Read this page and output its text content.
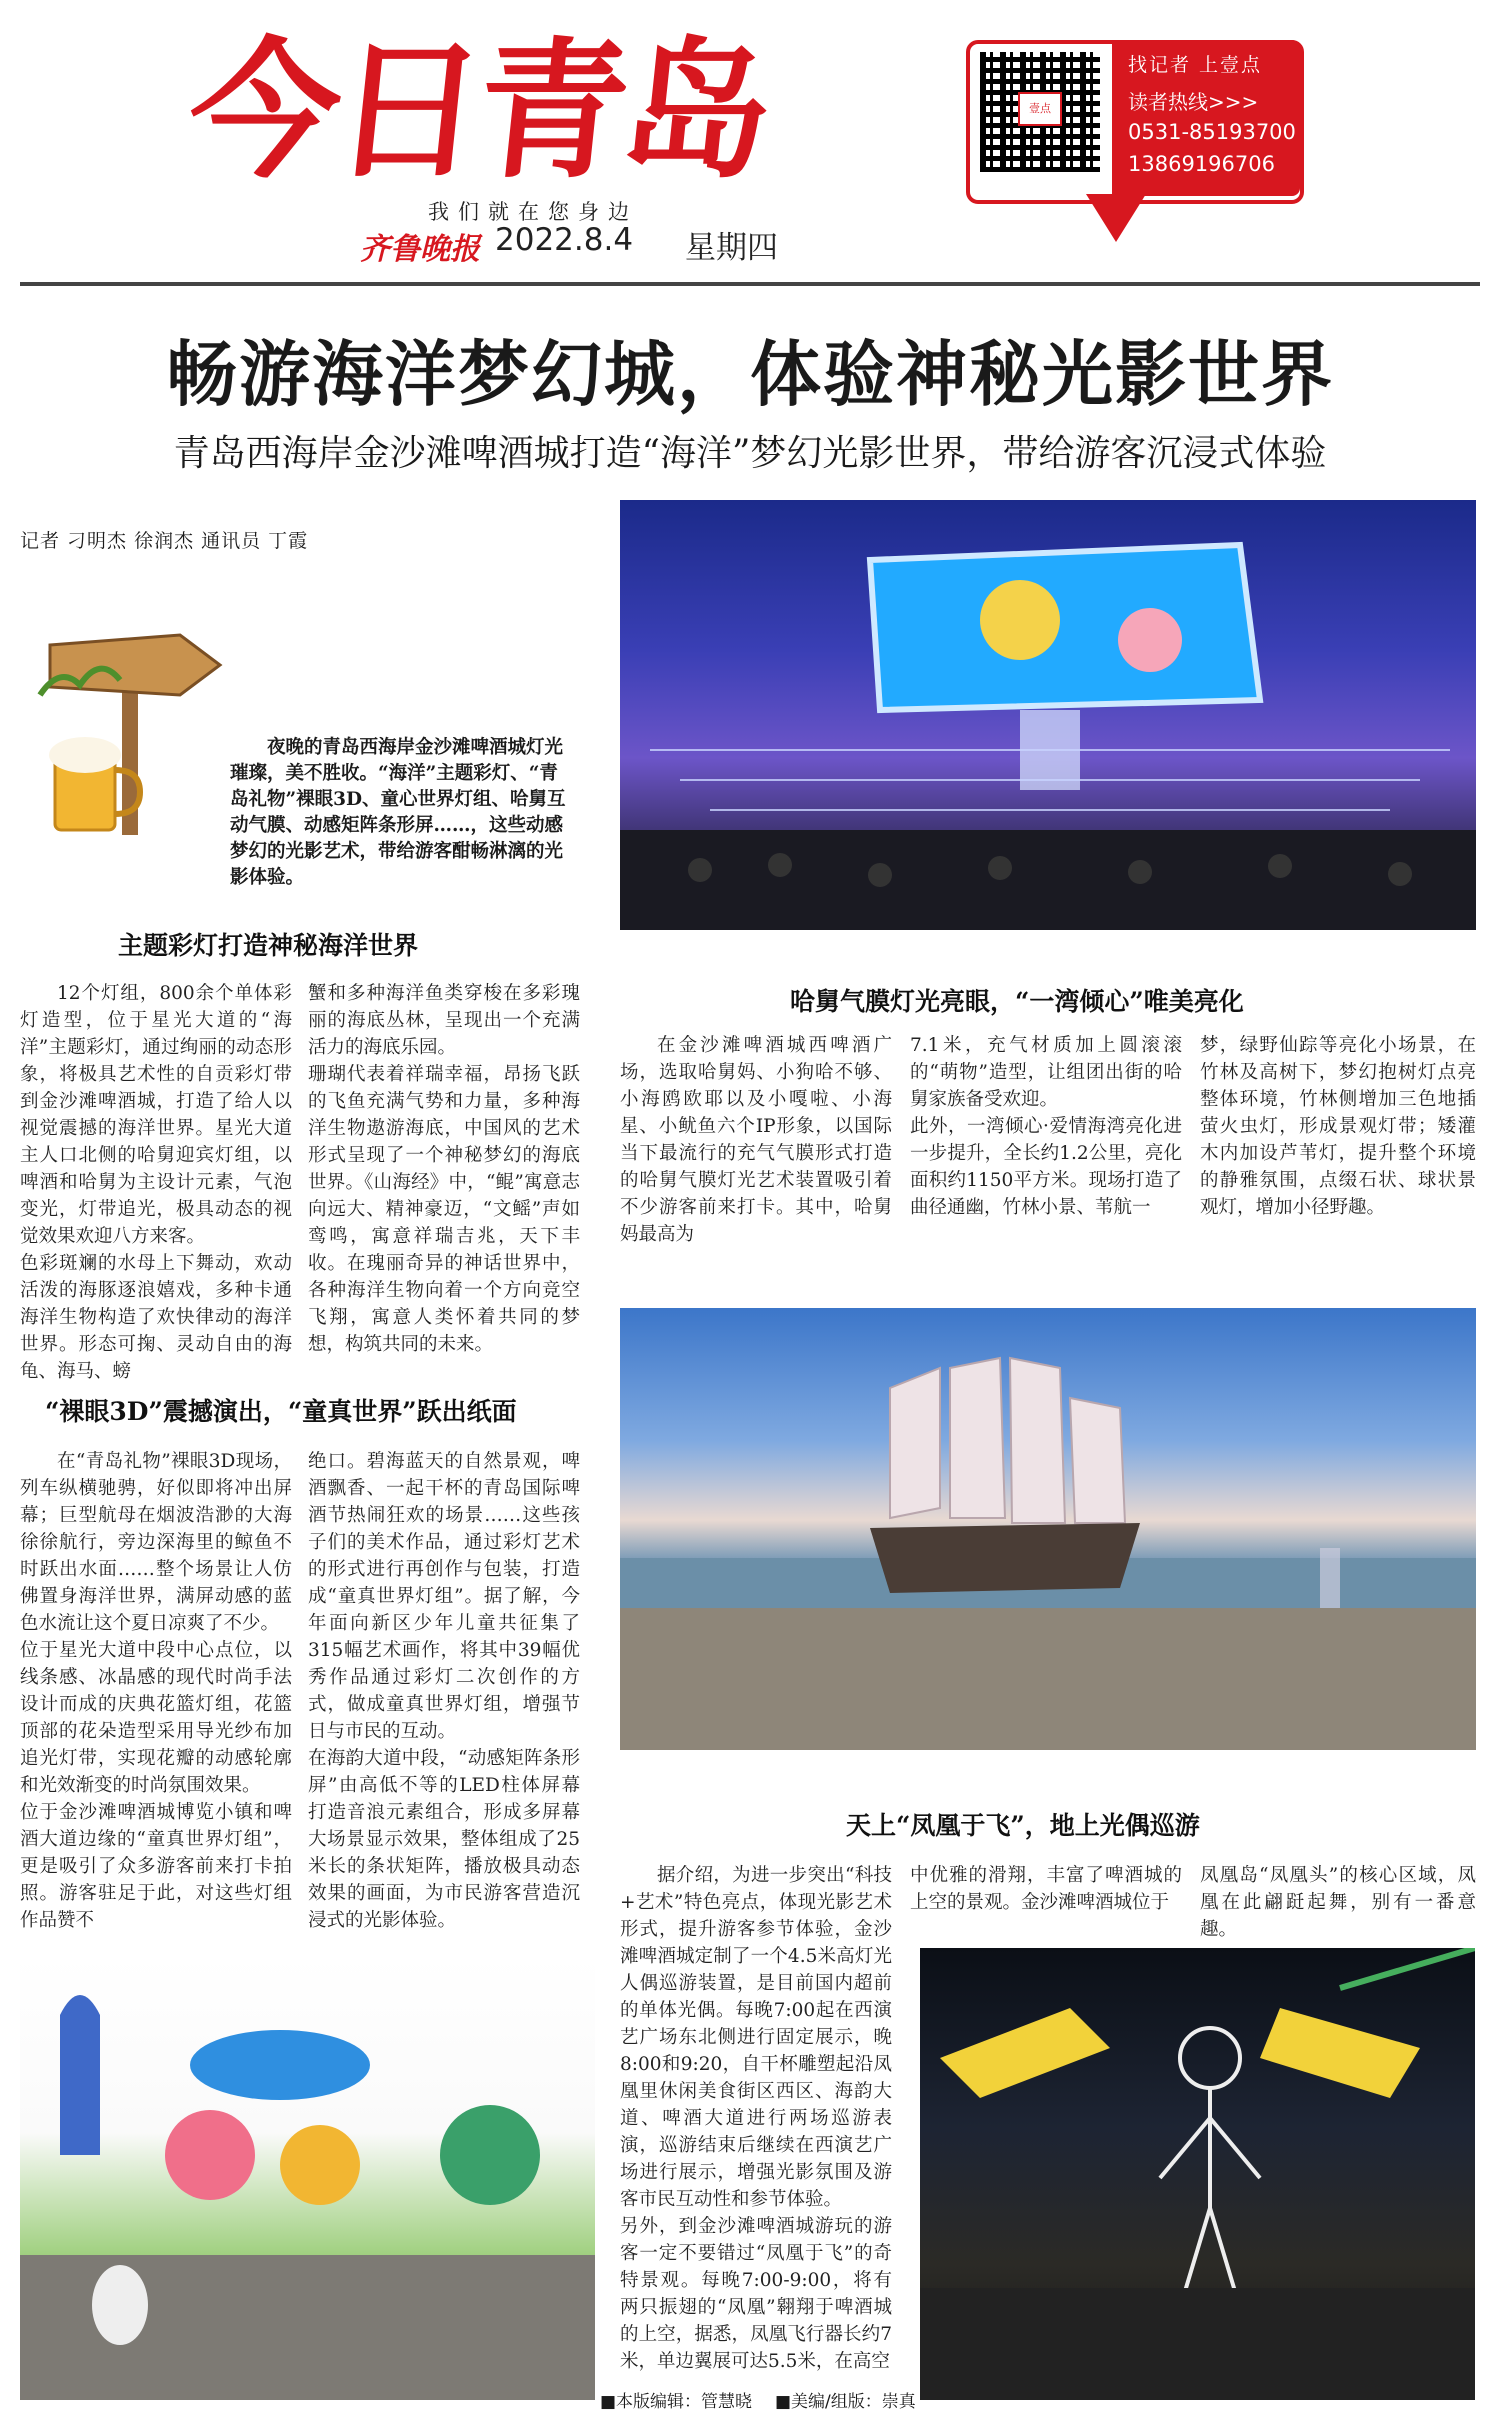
今日青岛
我们就在您身边
齐鲁晚报 2022.8.4 星期四
壹点
找记者 上壹点
读者热线>>>
0531-85193700
13869196706
畅游海洋梦幻城，体验神秘光影世界
青岛西海岸金沙滩啤酒城打造“海洋”梦幻光影世界，带给游客沉浸式体验
记者 刁明杰 徐润杰 通讯员 丁霞
夜晚的青岛西海岸金沙滩啤酒城灯光璀璨，美不胜收。“海洋”主题彩灯、“青岛礼物”裸眼3D、童心世界灯组、哈舅互动气膜、动感矩阵条形屏……，这些动感梦幻的光影艺术，带给游客酣畅淋漓的光影体验。
主题彩灯打造神秘海洋世界
12个灯组，800余个单体彩灯造型，位于星光大道的“海洋”主题彩灯，通过绚丽的动态形象，将极具艺术性的自贡彩灯带到金沙滩啤酒城，打造了给人以视觉震撼的海洋世界。星光大道主人口北侧的哈舅迎宾灯组，以啤酒和哈舅为主设计元素，气泡变光，灯带追光，极具动态的视觉效果欢迎八方来客。
色彩斑斓的水母上下舞动，欢动活泼的海豚逐浪嬉戏，多种卡通海洋生物构造了欢快律动的海洋世界。形态可掬、灵动自由的海龟、海马、螃
蟹和多种海洋鱼类穿梭在多彩瑰丽的海底丛林，呈现出一个充满活力的海底乐园。
珊瑚代表着祥瑞幸福，昂扬飞跃的飞鱼充满气势和力量，多种海洋生物遨游海底，中国风的艺术形式呈现了一个神秘梦幻的海底世界。《山海经》中，“鲲”寓意志向远大、精神豪迈，“文鳐”声如鸾鸣，寓意祥瑞吉兆，天下丰收。在瑰丽奇异的神话世界中，各种海洋生物向着一个方向竞空飞翔，寓意人类怀着共同的梦想，构筑共同的未来。
“裸眼3D”震撼演出，“童真世界”跃出纸面
在“青岛礼物”裸眼3D现场，列车纵横驰骋，好似即将冲出屏幕；巨型航母在烟波浩渺的大海徐徐航行，旁边深海里的鲸鱼不时跃出水面……整个场景让人仿佛置身海洋世界，满屏动感的蓝色水流让这个夏日凉爽了不少。
位于星光大道中段中心点位，以线条感、冰晶感的现代时尚手法设计而成的庆典花篮灯组，花篮顶部的花朵造型采用导光纱布加追光灯带，实现花瓣的动感轮廓和光效渐变的时尚氛围效果。
位于金沙滩啤酒城博览小镇和啤酒大道边缘的“童真世界灯组”，更是吸引了众多游客前来打卡拍照。游客驻足于此，对这些灯组作品赞不
绝口。碧海蓝天的自然景观，啤酒飘香、一起干杯的青岛国际啤酒节热闹狂欢的场景……这些孩子们的美术作品，通过彩灯艺术的形式进行再创作与包装，打造成“童真世界灯组”。据了解，今年面向新区少年儿童共征集了315幅艺术画作，将其中39幅优秀作品通过彩灯二次创作的方式，做成童真世界灯组，增强节日与市民的互动。
在海韵大道中段，“动感矩阵条形屏”由高低不等的LED柱体屏幕打造音浪元素组合，形成多屏幕大场景显示效果，整体组成了25米长的条状矩阵，播放极具动态效果的画面，为市民游客营造沉浸式的光影体验。
哈舅气膜灯光亮眼，“一湾倾心”唯美亮化
在金沙滩啤酒城西啤酒广场，选取哈舅妈、小狗哈不够、小海鸥欧耶以及小嘎啦、小海星、小鱿鱼六个IP形象，以国际当下最流行的充气气膜形式打造的哈舅气膜灯光艺术装置吸引着不少游客前来打卡。其中，哈舅妈最高为
7.1米，充气材质加上圆滚滚的“萌物”造型，让组团出街的哈舅家族备受欢迎。
此外，一湾倾心·爱情海湾亮化进一步提升，全长约1.2公里，亮化面积约1150平方米。现场打造了曲径通幽，竹林小景、苇航一
梦，绿野仙踪等亮化小场景，在竹林及高树下，梦幻抱树灯点亮整体环境，竹林侧增加三色地插萤火虫灯，形成景观灯带；矮灌木内加设芦苇灯，提升整个环境的静雅氛围，点缀石状、球状景观灯，增加小径野趣。
天上“凤凰于飞”，地上光偶巡游
据介绍，为进一步突出“科技+艺术”特色亮点，体现光影艺术形式，提升游客参节体验，金沙滩啤酒城定制了一个4.5米高灯光人偶巡游装置，是目前国内超前的单体光偶。每晚7:00起在西演艺广场东北侧进行固定展示，晚8:00和9:20，自干杯雕塑起沿凤凰里休闲美食街区西区、海韵大道、啤酒大道进行两场巡游表演，巡游结束后继续在西演艺广场进行展示，增强光影氛围及游客市民互动性和参节体验。
另外，到金沙滩啤酒城游玩的游客一定不要错过“凤凰于飞”的奇特景观。每晚7:00-9:00，将有两只振翅的“凤凰”翱翔于啤酒城的上空，据悉，凤凰飞行器长约7米，单边翼展可达5.5米，在高空
中优雅的滑翔，丰富了啤酒城的上空的景观。金沙滩啤酒城位于
凤凰岛“凤凰头”的核心区域，凤凰在此翩跹起舞，别有一番意趣。
■本版编辑：管慧晓 ■美编/组版：崇真
